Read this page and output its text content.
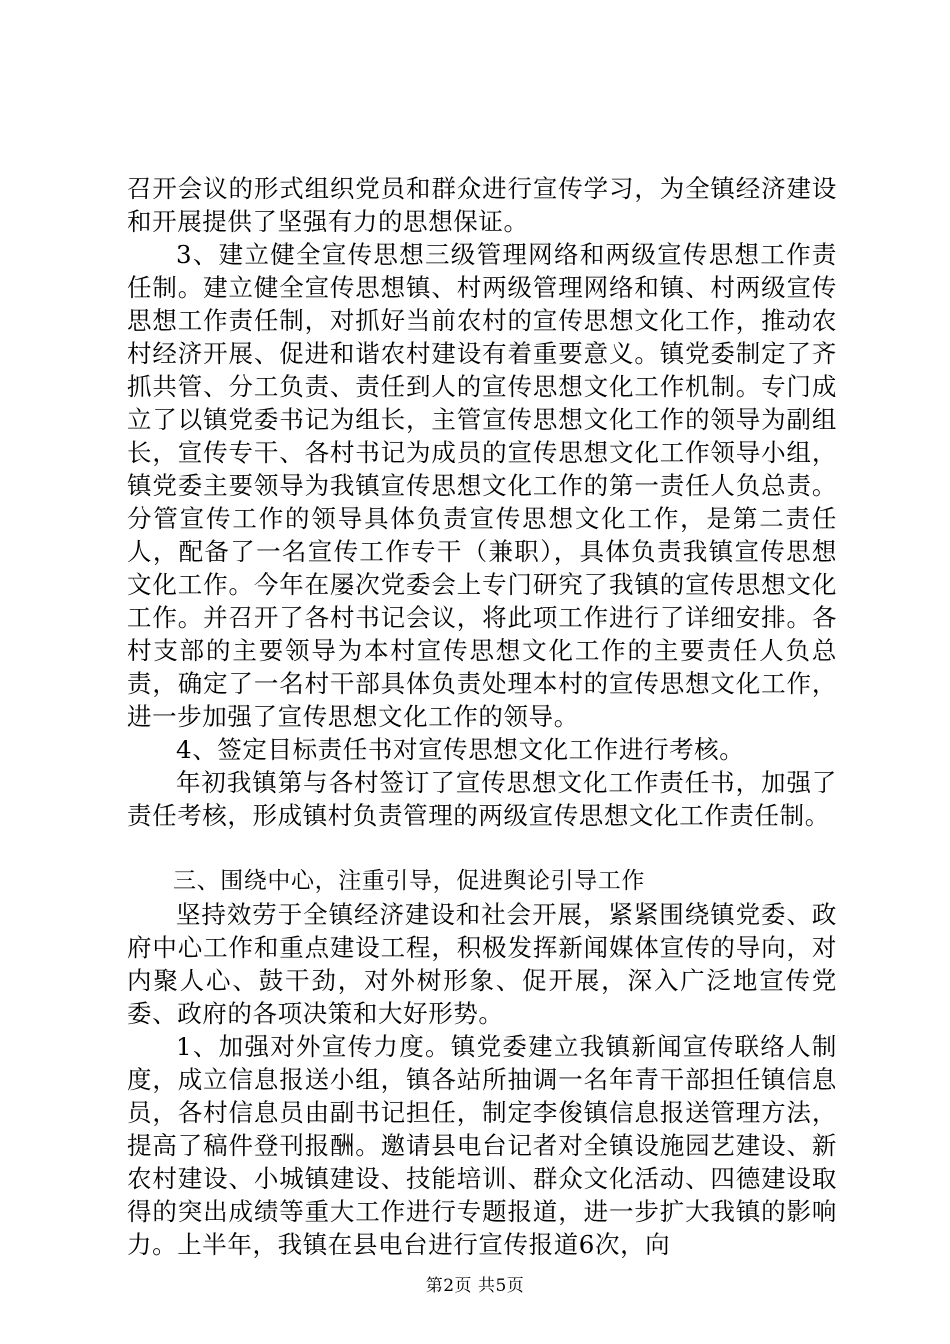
召开会议的形式组织党员和群众进行宣传学习，为全镇经济建设和开展提供了坚强有力的思想保证。

3、建立健全宣传思想三级管理网络和两级宣传思想工作责任制。建立健全宣传思想镇、村两级管理网络和镇、村两级宣传思想工作责任制，对抓好当前农村的宣传思想文化工作，推动农村经济开展、促进和谐农村建设有着重要意义。镇党委制定了齐抓共管、分工负责、责任到人的宣传思想文化工作机制。专门成立了以镇党委书记为组长，主管宣传思想文化工作的领导为副组长，宣传专干、各村书记为成员的宣传思想文化工作领导小组，镇党委主要领导为我镇宣传思想文化工作的第一责任人负总责。分管宣传工作的领导具体负责宣传思想文化工作，是第二责任人，配备了一名宣传工作专干（兼职），具体负责我镇宣传思想文化工作。今年在屡次党委会上专门研究了我镇的宣传思想文化工作。并召开了各村书记会议，将此项工作进行了详细安排。各村支部的主要领导为本村宣传思想文化工作的主要责任人负总责，确定了一名村干部具体负责处理本村的宣传思想文化工作，进一步加强了宣传思想文化工作的领导。

4、签定目标责任书对宣传思想文化工作进行考核。

年初我镇第与各村签订了宣传思想文化工作责任书，加强了责任考核，形成镇村负责管理的两级宣传思想文化工作责任制。

三、围绕中心，注重引导，促进舆论引导工作

坚持效劳于全镇经济建设和社会开展，紧紧围绕镇党委、政府中心工作和重点建设工程，积极发挥新闻媒体宣传的导向，对内聚人心、鼓干劲，对外树形象、促开展，深入广泛地宣传党委、政府的各项决策和大好形势。

1、加强对外宣传力度。镇党委建立我镇新闻宣传联络人制度，成立信息报送小组，镇各站所抽调一名年青干部担任镇信息员，各村信息员由副书记担任，制定李俊镇信息报送管理方法，提高了稿件登刊报酬。邀请县电台记者对全镇设施园艺建设、新农村建设、小城镇建设、技能培训、群众文化活动、四德建设取得的突出成绩等重大工作进行专题报道，进一步扩大我镇的影响力。上半年，我镇在县电台进行宣传报道6次，向

第2页 共5页
